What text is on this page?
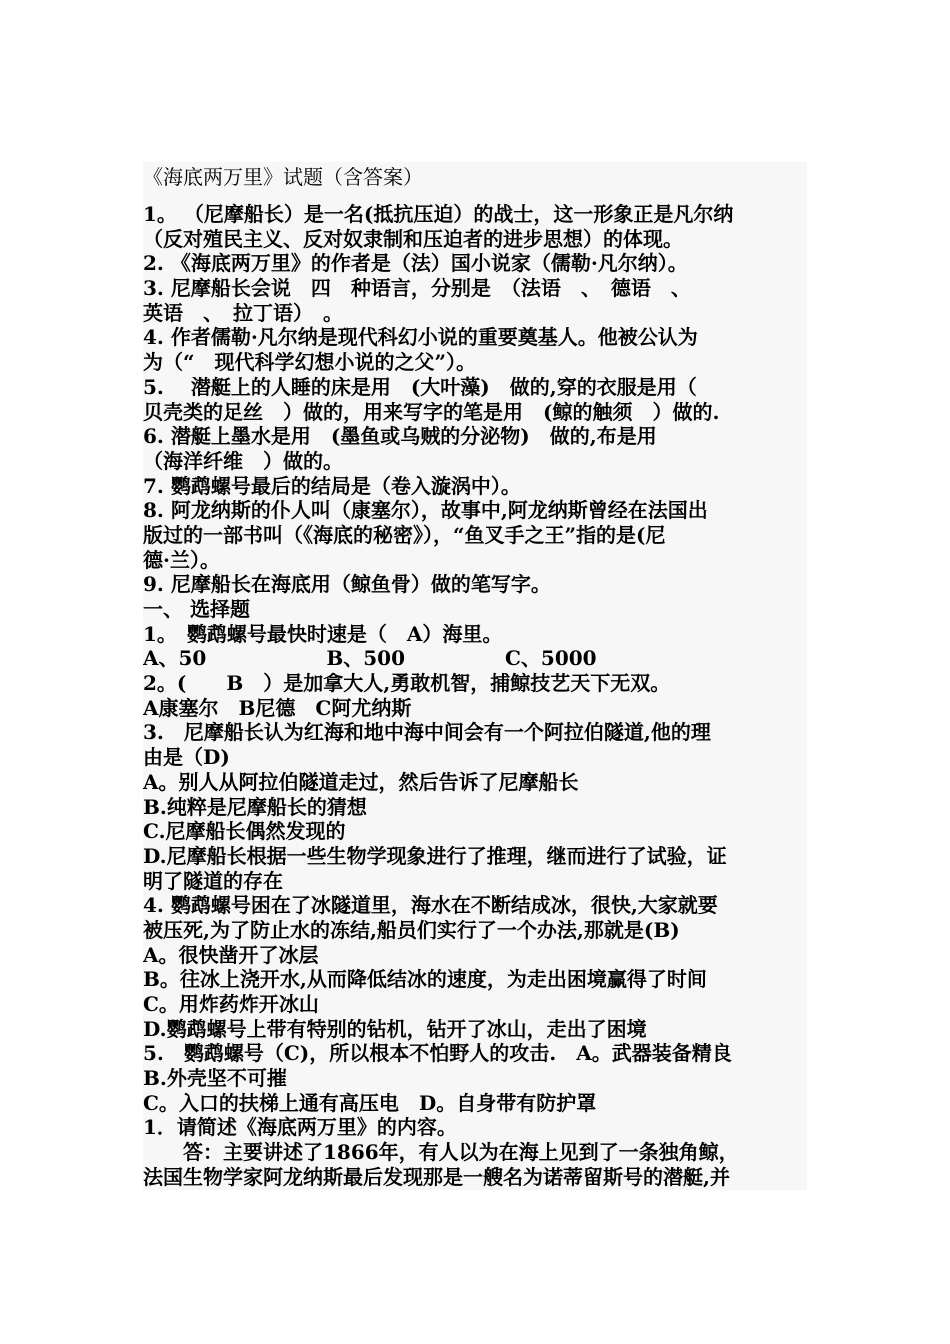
《海底两万里》试题（含答案）
1。 （尼摩船长）是一名(抵抗压迫）的战士，这一形象正是凡尔纳
（反对殖民主义、反对奴隶制和压迫者的进步思想）的体现。
2. 《海底两万里》的作者是（法）国小说家（儒勒·凡尔纳）。
3. 尼摩船长会说　四　种语言，分别是　（法语　、　德语　、
英语　、　拉丁语）　。
4. 作者儒勒·凡尔纳是现代科幻小说的重要奠基人。他被公认为
为（“　现代科学幻想小说的之父”）。
5.　 潜艇上的人睡的床是用　(大叶藻)　做的,穿的衣服是用（
贝壳类的足丝　）做的，用来写字的笔是用　(鲸的触须　）做的.
6. 潜艇上墨水是用　(墨鱼或乌贼的分泌物)　做的,布是用
（海洋纤维　）做的。
7. 鹦鹉螺号最后的结局是（卷入漩涡中）。
8. 阿龙纳斯的仆人叫（康塞尔），故事中,阿龙纳斯曾经在法国出
版过的一部书叫（《海底的秘密》），“鱼叉手之王”指的是(尼
德·兰）。
9. 尼摩船长在海底用（鲸鱼骨）做的笔写字。
一、 选择题
1。　鹦鹉螺号最快时速是（　A）海里。
A、50　　　　　　B、500　　　　　C、5000
2。(　　B　）是加拿大人,勇敢机智，捕鲸技艺天下无双。
A康塞尔　B尼德　C阿尤纳斯
3.　尼摩船长认为红海和地中海中间会有一个阿拉伯隧道,他的理
由是（D)
A。别人从阿拉伯隧道走过，然后告诉了尼摩船长
B.纯粹是尼摩船长的猜想
C.尼摩船长偶然发现的
D.尼摩船长根据一些生物学现象进行了推理，继而进行了试验，证
明了隧道的存在
4. 鹦鹉螺号困在了冰隧道里，海水在不断结成冰，很快,大家就要
被压死,为了防止水的冻结,船员们实行了一个办法,那就是(B)
A。很快凿开了冰层
B。往冰上浇开水,从而降低结冰的速度，为走出困境赢得了时间
C。用炸药炸开冰山
D.鹦鹉螺号上带有特别的钻机，钻开了冰山，走出了困境
5.　鹦鹉螺号（C)，所以根本不怕野人的攻击.　A。武器装备精良
B.外壳坚不可摧
C。入口的扶梯上通有高压电　D。自身带有防护罩
1．请简述《海底两万里》的内容。
　　答：主要讲述了1866年，有人以为在海上见到了一条独角鲸，
法国生物学家阿龙纳斯最后发现那是一艘名为诺蒂留斯号的潜艇,并
